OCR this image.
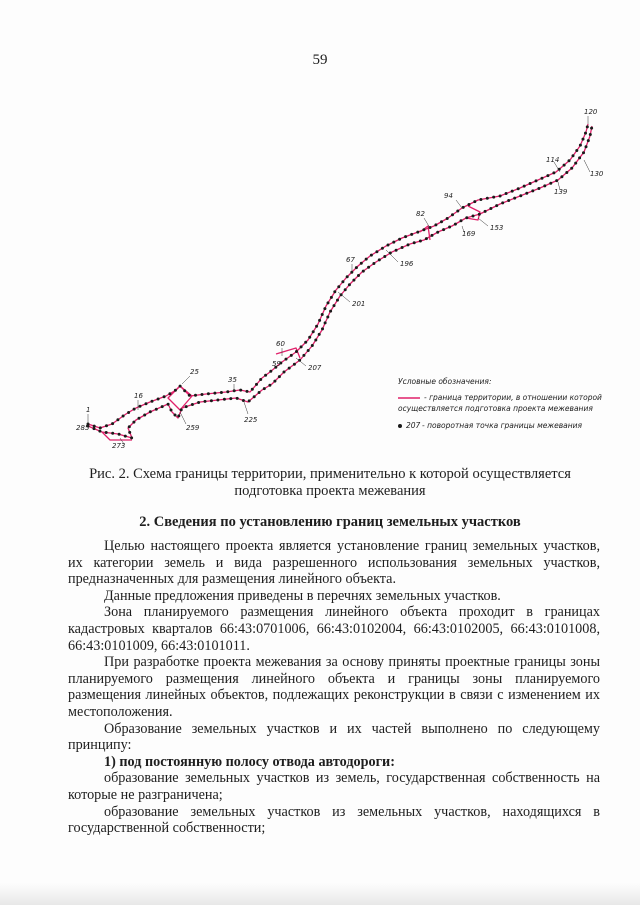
59
120
114
130
139
94
82
153
169
67	196
201
60
59	207
35
25
16
225
259
1
285
273
Условные обозначения:
- граница территории, в отношении которой
осуществляется подготовка проекта межевания
207 - поворотная точка границы межевания
Рис. 2. Схема границы территории, применительно к которой осуществляется
подготовка проекта межевания
2. Сведения по установлению границ земельных участков

Целью настоящего проекта является установление границ земельных участков, их категории земель и вида разрешенного использования земельных участков, предназначенных для размещения линейного объекта.

Данные предложения приведены в перечнях земельных участков.

Зона планируемого размещения линейного объекта проходит в границах кадастровых кварталов 66:43:0701006, 66:43:0102004, 66:43:0102005, 66:43:0101008, 66:43:0101009, 66:43:0101011.

При разработке проекта межевания за основу приняты проектные границы зоны планируемого размещения линейного объекта и границы зоны планируемого размещения линейных объектов, подлежащих реконструкции в связи с изменением их местоположения.

Образование земельных участков и их частей выполнено по следующему принципу:

1) под постоянную полосу отвода автодороги:

образование земельных участков из земель, государственная собственность на которые не разграничена;

образование земельных участков из земельных участков, находящихся в государственной собственности;
